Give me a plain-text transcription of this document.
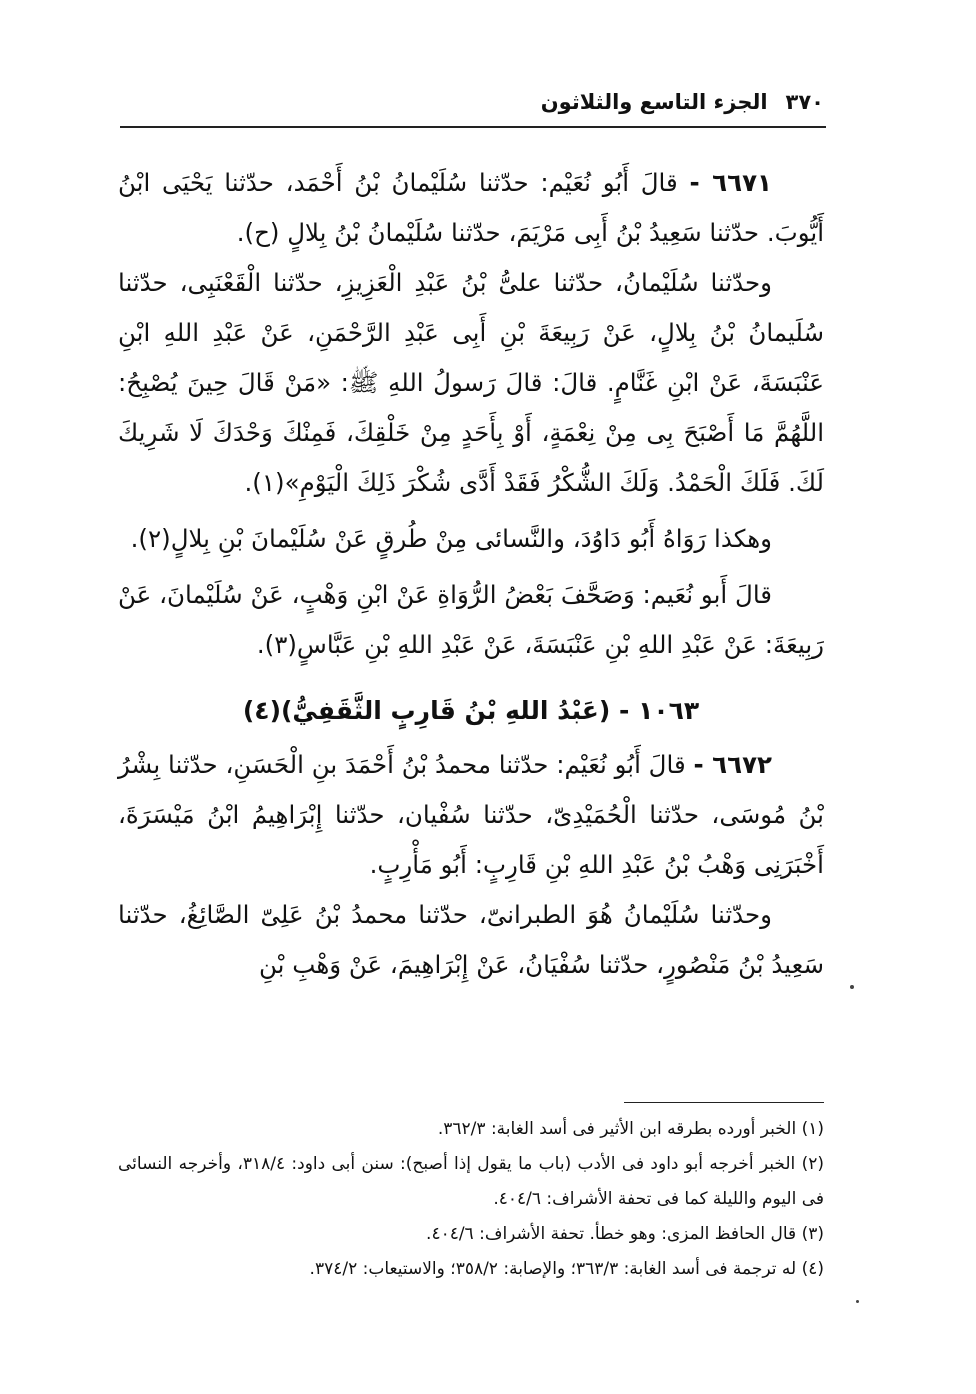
٣٧٠
الجزء التاسع والثلاثون

٦٦٧١ - قالَ أَبُو نُعَيْم: حدّثنا سُلَيْمانُ بْنُ أَحْمَد، حدّثنا يَحْيَى ابْنُ أَيُّوبَ. حدّثنا سَعِيدُ بْنُ أَبِى مَرْيَمَ، حدّثنا سُلَيْمانُ بْنُ بِلالٍ (ح).

وحدّثنا سُلَيْمانُ، حدّثنا علىُّ بْنُ عَبْدِ الْعَزِيزِ، حدّثنا الْقَعْنَبِى، حدّثنا سُلَيمانُ بْنُ بِلالٍ، عَنْ رَبِيعَةَ بْنِ أَبِى عَبْدِ الرَّحْمَنِ، عَنْ عَبْدِ اللهِ ابْنِ عَنْبَسَةَ، عَنْ ابْنِ غَنَّامٍ. قالَ: قالَ رَسولُ اللهِ ﷺ: «مَنْ قَالَ حِينَ يُصْبِحُ: اللَّهُمَّ مَا أَصْبَحَ بِى مِنْ نِعْمَةٍ، أَوْ بِأَحَدٍ مِنْ خَلْقِكَ، فَمِنْكَ وَحْدَكَ لَا شَرِيكَ لَكَ. فَلَكَ الْحَمْدُ. وَلَكَ الشُّكْرُ فَقَدْ أَدَّى شُكْرَ ذَلِكَ الْيَوْمِ»(١).

وهكذا رَوَاهُ أَبُو دَاوُدَ، والنَّسائى مِنْ طُرقٍ عَنْ سُلَيْمانَ بْنِ بِلالٍ(٢).

قالَ أَبو نُعَيم: وَصَحَّفَ بَعْضُ الرُّوَاةِ عَنْ ابْنِ وَهْبٍ، عَنْ سُلَيْمانَ، عَنْ رَبِيعَةَ: عَنْ عَبْدِ اللهِ بْنِ عَنْبَسَةَ، عَنْ عَبْدِ اللهِ بْنِ عَبَّاسٍ(٣).

١٠٦٣ - (عَبْدُ اللهِ بْنُ قَارِبٍ الثَّقَفِيُّ)(٤)

٦٦٧٢ - قالَ أَبُو نُعَيْم: حدّثنا محمدُ بْنُ أَحْمَدَ بنِ الْحَسَنِ، حدّثنا بِشْرُ بْنُ مُوسَى، حدّثنا الْحُمَيْدِىّ، حدّثنا سُفْيان، حدّثنا إِبْرَاهِيمُ ابْنُ مَيْسَرَةَ، أَخْبَرَنِى وَهْبُ بْنُ عَبْدِ اللهِ بْنِ قَارِبٍ: أَبُو مَأْرِبٍ.

وحدّثنا سُلَيْمانُ هُوَ الطبرانىّ، حدّثنا محمدُ بْنُ عَلِىّ الصَّائِغُ، حدّثنا سَعِيدُ بْنُ مَنْصُورٍ، حدّثنا سُفْيَانُ، عَنْ إِبْرَاهِيمَ، عَنْ وَهْبِ بْنِ

(١) الخبر أورده بطرقه ابن الأثير فى أسد الغابة: ٣٦٢/٣.

(٢) الخبر أخرجه أبو داود فى الأدب (باب ما يقول إذا أصبح): سنن أبى داود: ٣١٨/٤، وأخرجه النسائى فى اليوم والليلة كما فى تحفة الأشراف: ٤٠٤/٦.

(٣) قال الحافظ المزى: وهو خطأ. تحفة الأشراف: ٤٠٤/٦.

(٤) له ترجمة فى أسد الغابة: ٣٦٣/٣؛ والإصابة: ٣٥٨/٢؛ والاستيعاب: ٣٧٤/٢.
